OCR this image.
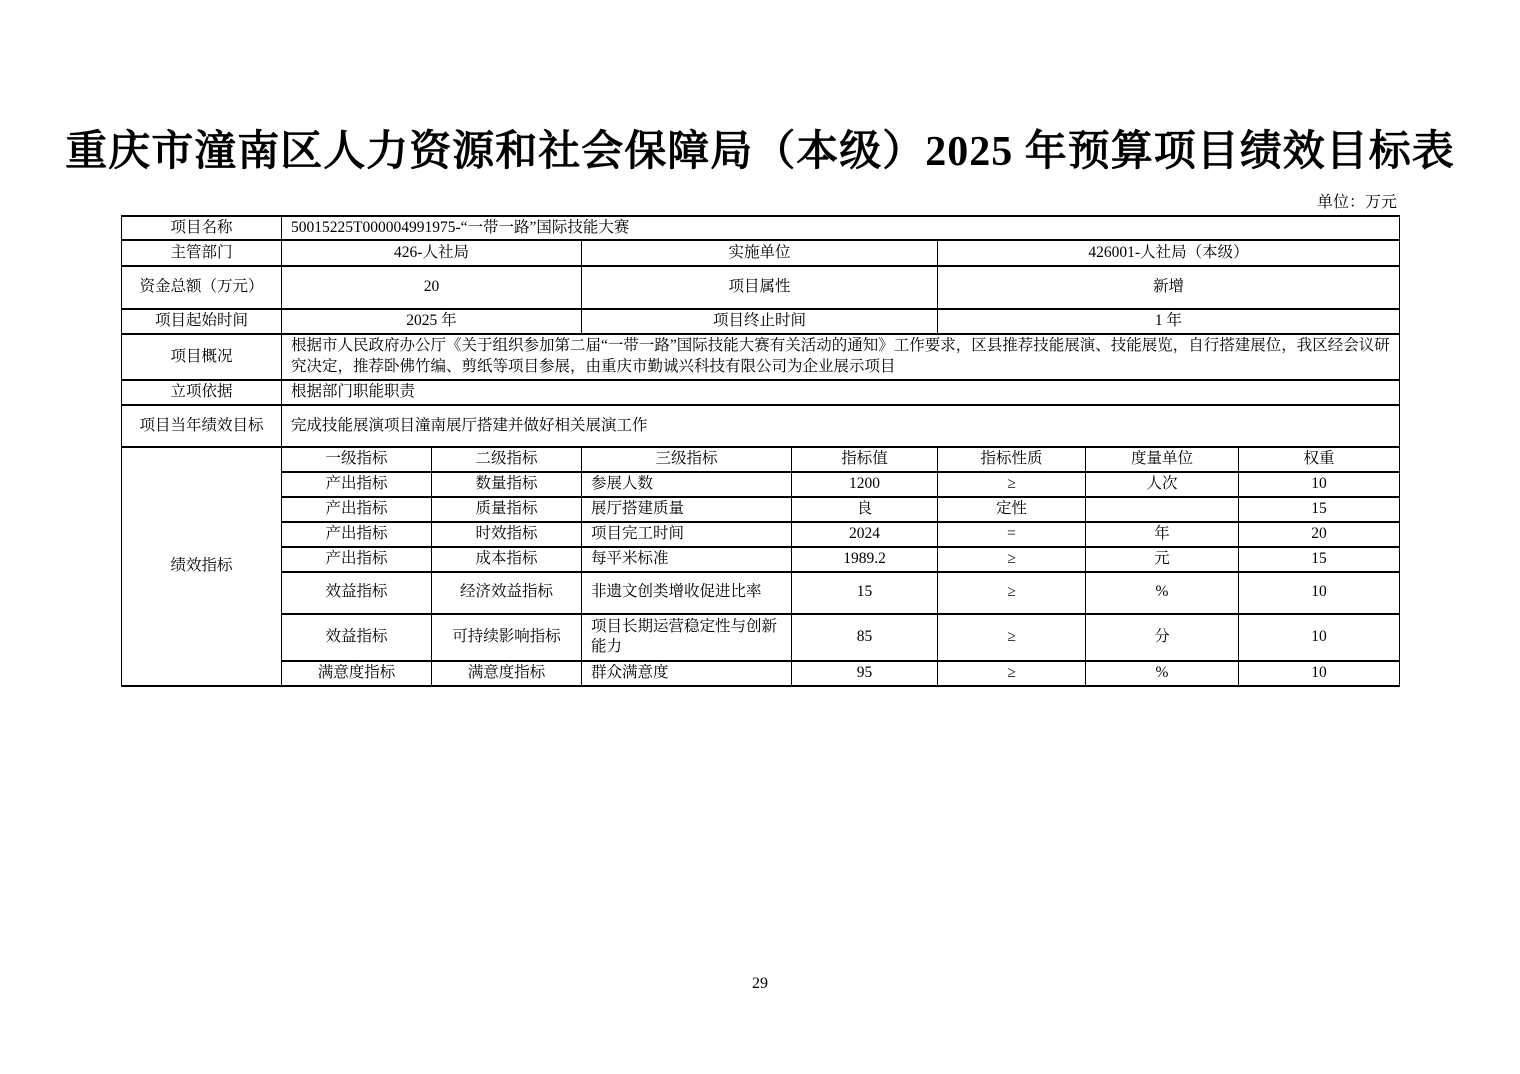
重庆市潼南区人力资源和社会保障局（本级）2025 年预算项目绩效目标表
单位：万元
项目名称	50015225T000004991975-“一带一路”国际技能大赛						
主管部门	426-人社局		实施单位		426001-人社局（本级）		
资金总额（万元）	20		项目属性		新增		
项目起始时间	2025 年		项目终止时间		1 年		
项目概况	根据市人民政府办公厅《关于组织参加第二届“一带一路”国际技能大赛有关活动的通知》工作要求，区县推荐技能展演、技能展览，自行搭建展位，我区经会议研究决定，推荐卧佛竹编、剪纸等项目参展，由重庆市勤诚兴科技有限公司为企业展示项目						
立项依据	根据部门职能职责						
项目当年绩效目标	完成技能展演项目潼南展厅搭建并做好相关展演工作						
绩效指标	一级指标	二级指标	三级指标	指标值	指标性质	度量单位	权重
	产出指标	数量指标	参展人数	1200	≥	人次	10
	产出指标	质量指标	展厅搭建质量	良	定性		15
	产出指标	时效指标	项目完工时间	2024	=	年	20
	产出指标	成本指标	每平米标准	1989.2	≥	元	15
	效益指标	经济效益指标	非遗文创类增收促进比率	15	≥	%	10
	效益指标	可持续影响指标	项目长期运营稳定性与创新能力	85	≥	分	10
	满意度指标	满意度指标	群众满意度	95	≥	%	10
29
